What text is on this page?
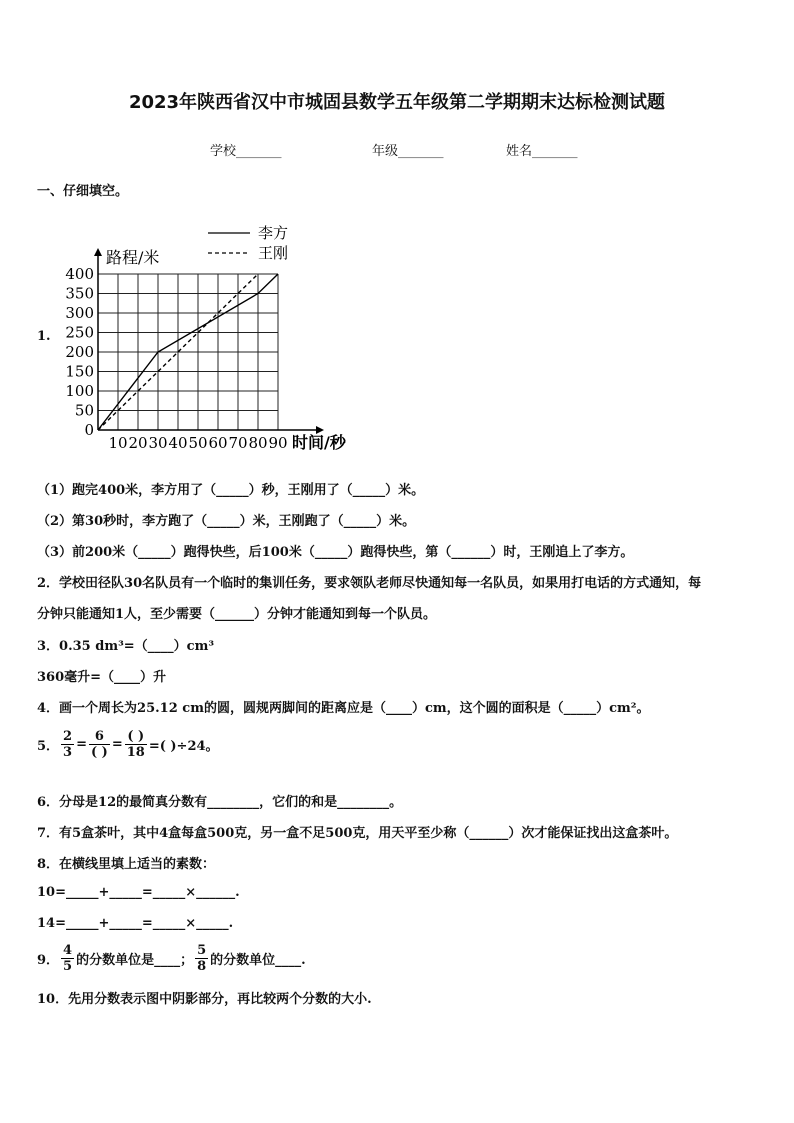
2023年陕西省汉中市城固县数学五年级第二学期期末达标检测试题
学校_______	年级_______	姓名_______
一、仔细填空。
1.
0
50
100
150
200
250
300
350
400
10 20 30 40 50 60 70 80 90
李方
王刚
路程/米
时间/秒
（1）跑完400米，李方用了（_____）秒，王刚用了（_____）米。
（2）第30秒时，李方跑了（_____）米，王刚跑了（_____）米。
（3）前200米（_____）跑得快些，后100米（_____）跑得快些，第（______）时，王刚追上了李方。
2．学校田径队30名队员有一个临时的集训任务，要求领队老师尽快通知每一名队员，如果用打电话的方式通知，每
分钟只能通知1人，至少需要（______）分钟才能通知到每一个队员。
3．0.35 dm³=（____）cm³
360毫升=（____）升
4．画一个周长为25.12 cm的圆，圆规两脚间的距离应是（____）cm，这个圆的面积是（_____）cm²。
5． $\frac{2}{3} = \frac{6}{( )} = \frac{( )}{18}$ =( )÷24。
6．分母是12的最简真分数有________，它们的和是________。
7．有5盒茶叶，其中4盒每盒500克，另一盒不足500克，用天平至少称（______）次才能保证找出这盒茶叶。
8．在横线里填上适当的素数：
10=_____+_____=_____×______.
14=_____+_____=_____×_____.
9． $\frac{4}{5}$ 的分数单位是____； $\frac{5}{8}$ 的分数单位____.
10．先用分数表示图中阴影部分，再比较两个分数的大小.
